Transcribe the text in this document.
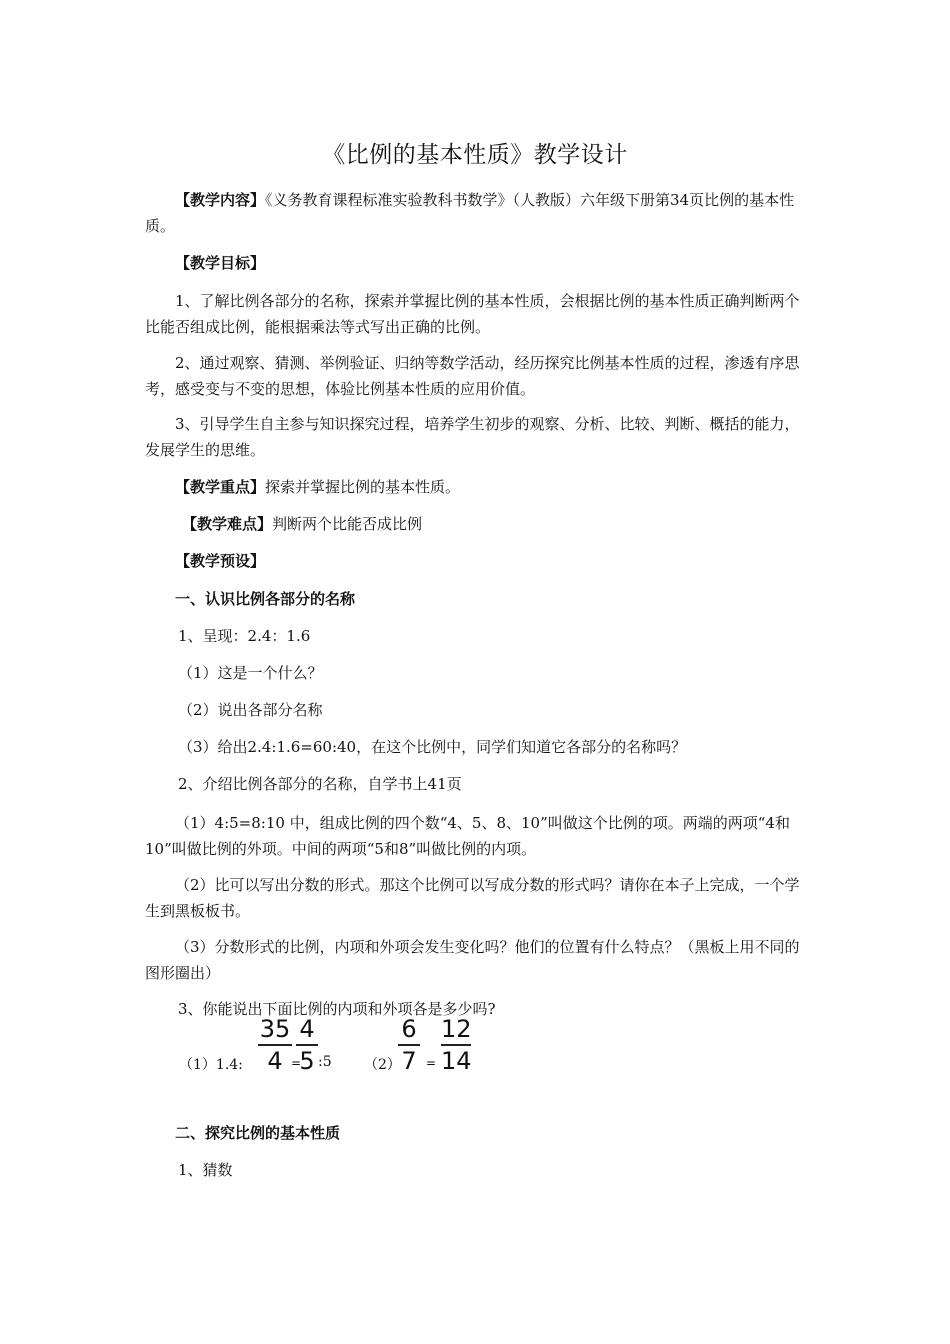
《比例的基本性质》教学设计

【教学内容】《义务教育课程标准实验教科书数学》（人教版）六年级下册第34页比例的基本性质。

【教学目标】

1、了解比例各部分的名称，探索并掌握比例的基本性质，会根据比例的基本性质正确判断两个比能否组成比例，能根据乘法等式写出正确的比例。

2、通过观察、猜测、举例验证、归纳等数学活动，经历探究比例基本性质的过程，渗透有序思考，感受变与不变的思想，体验比例基本性质的应用价值。

3、引导学生自主参与知识探究过程，培养学生初步的观察、分析、比较、判断、概括的能力，发展学生的思维。

【教学重点】探索并掌握比例的基本性质。

【教学难点】判断两个比能否成比例

【教学预设】
一、认识比例各部分的名称
1、呈现：2.4：1.6
（1）这是一个什么？
（2）说出各部分名称
（3）给出2.4:1.6=60:40，在这个比例中，同学们知道它各部分的名称吗？
2、介绍比例各部分的名称，自学书上41页

（1）4:5=8:10 中，组成比例的四个数“4、5、8、10”叫做这个比例的项。两端的两项“4和10”叫做比例的外项。中间的两项“5和8”叫做比例的内项。

（2）比可以写出分数的形式。那这个比例可以写成分数的形式吗？请你在本子上完成，一个学生到黑板板书。

（3）分数形式的比例，内项和外项会发生变化吗？他们的位置有什么特点？（黑板上用不同的图形圈出）

3、你能说出下面比例的内项和外项各是多少吗?
（1）1.4:
35
4 =
4
5 :5 （2）
6
7 =
12
14
二、探究比例的基本性质
1、猜数
